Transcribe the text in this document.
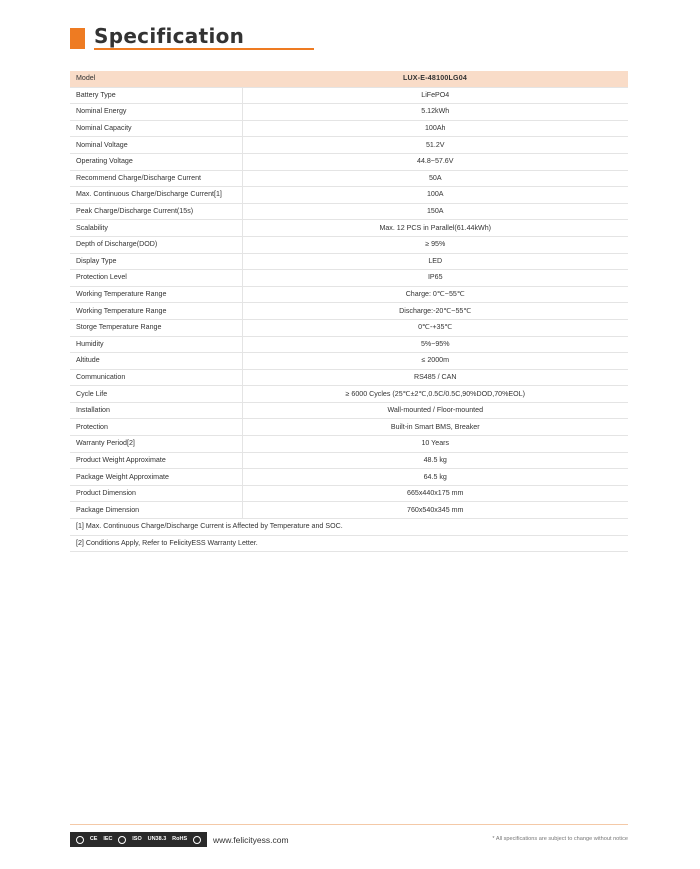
Specification
Model	LUX-E-48100LG04
Battery Type	LiFePO4
Nominal Energy	5.12kWh
Nominal Capacity	100Ah
Nominal Voltage	51.2V
Operating Voltage	44.8~57.6V
Recommend Charge/Discharge Current	50A
Max. Continuous Charge/Discharge Current[1]	100A
Peak Charge/Discharge Current(15s)	150A
Scalability	Max. 12 PCS in Parallel(61.44kWh)
Depth of Discharge(DOD)	≥ 95%
Display Type	LED
Protection Level	IP65
Working Temperature Range	Charge: 0℃~55℃
Working Temperature Range	Discharge:-20℃~55℃
Storge Temperature Range	0℃-+35℃
Humidity	5%~95%
Altitude	≤ 2000m
Communication	RS485 / CAN
Cycle Life	≥ 6000 Cycles (25℃±2℃,0.5C/0.5C,90%DOD,70%EOL)
Installation	Wall-mounted / Floor-mounted
Protection	Built-in Smart BMS, Breaker
Warranty Period[2]	10 Years
Product Weight Approximate	48.5 kg
Package Weight Approximate	64.5 kg
Product Dimension	665x440x175 mm
Package Dimension	760x540x345 mm
[1] Max. Continuous Charge/Discharge Current is Affected by Temperature and SOC.	
[2] Conditions Apply, Refer to FelicityESS Warranty Letter.	
CE IEC	ISO UN38.3 RoHS	www.felicityess.com	* All specifications are subject to change without notice
